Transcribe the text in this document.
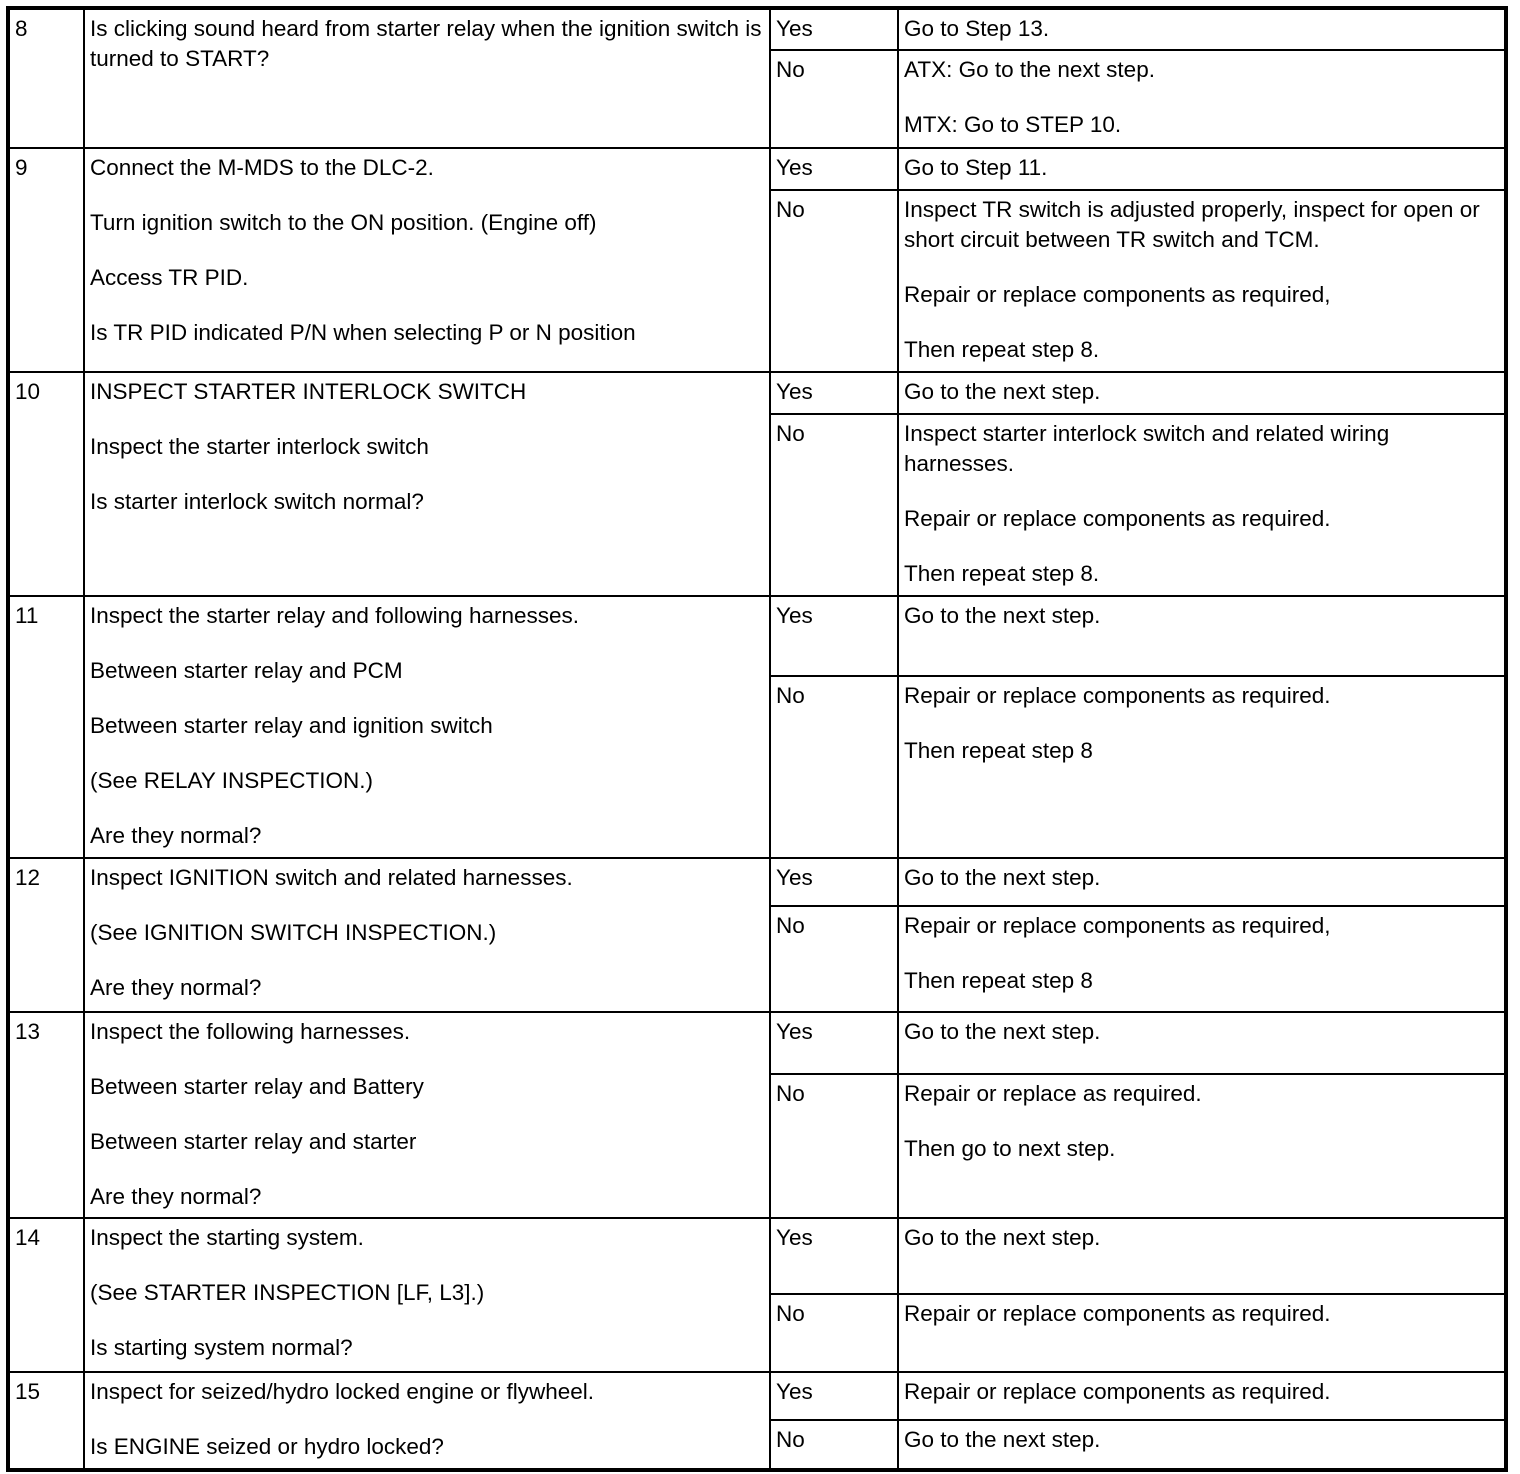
8	Is clicking sound heard from starter relay when the ignition switch is turned to START?	Yes	Go to Step 13.

		No	ATX: Go to the next step.
MTX: Go to STEP 10.

9	Connect the M-MDS to the DLC-2.
Turn ignition switch to the ON position. (Engine off)
Access TR PID.
Is TR PID indicated P/N when selecting P or N position	Yes	Go to Step 11.

		No	Inspect TR switch is adjusted properly, inspect for open or short circuit between TR switch and TCM.
Repair or replace components as required,
Then repeat step 8.

10	INSPECT STARTER INTERLOCK SWITCH
Inspect the starter interlock switch
Is starter interlock switch normal?	Yes	Go to the next step.

		No	Inspect starter interlock switch and related wiring harnesses.
Repair or replace components as required.
Then repeat step 8.

11	Inspect the starter relay and following harnesses.
Between starter relay and PCM
Between starter relay and ignition switch
(See RELAY INSPECTION.)
Are they normal?	Yes	Go to the next step.

		No	Repair or replace components as required.
Then repeat step 8

12	Inspect IGNITION switch and related harnesses.
(See IGNITION SWITCH INSPECTION.)
Are they normal?	Yes	Go to the next step.

		No	Repair or replace components as required,
Then repeat step 8

13	Inspect the following harnesses.
Between starter relay and Battery
Between starter relay and starter
Are they normal?	Yes	Go to the next step.

		No	Repair or replace as required.
Then go to next step.

14	Inspect the starting system.
(See STARTER INSPECTION [LF, L3].)
Is starting system normal?	Yes	Go to the next step.

		No	Repair or replace components as required.

15	Inspect for seized/hydro locked engine or flywheel.
Is ENGINE seized or hydro locked?	Yes	Repair or replace components as required.

		No	Go to the next step.
